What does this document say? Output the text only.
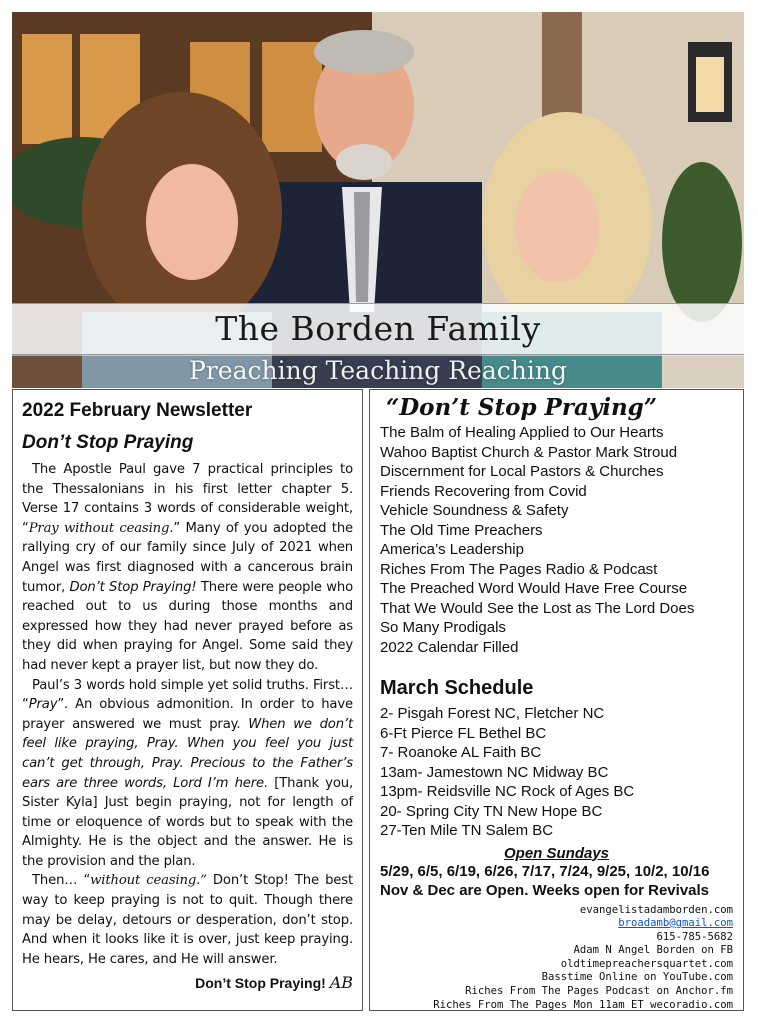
The Borden Family
Preaching Teaching Reaching
2022 February Newsletter
Don’t Stop Praying

The Apostle Paul gave 7 practical principles to the Thessalonians in his first letter chapter 5. Verse 17 contains 3 words of considerable weight, “Pray without ceasing.” Many of you adopted the rallying cry of our family since July of 2021 when Angel was first diagnosed with a cancerous brain tumor, Don’t Stop Praying! There were people who reached out to us during those months and expressed how they had never prayed before as they did when praying for Angel. Some said they had never kept a prayer list, but now they do.

Paul’s 3 words hold simple yet solid truths. First… “Pray”. An obvious admonition. In order to have prayer answered we must pray. When we don’t feel like praying, Pray. When you feel you just can’t get through, Pray. Precious to the Father’s ears are three words, Lord I’m here. [Thank you, Sister Kyla] Just begin praying, not for length of time or eloquence of words but to speak with the Almighty. He is the object and the answer. He is the provision and the plan.

Then… “without ceasing.” Don’t Stop! The best way to keep praying is not to quit. Though there may be delay, detours or desperation, don’t stop. And when it looks like it is over, just keep praying. He hears, He cares, and He will answer.

Don’t Stop Praying! AB
“Don’t Stop Praying”
The Balm of Healing Applied to Our Hearts
Wahoo Baptist Church & Pastor Mark Stroud
Discernment for Local Pastors & Churches
Friends Recovering from Covid
Vehicle Soundness & Safety
The Old Time Preachers
America’s Leadership
Riches From The Pages Radio & Podcast
The Preached Word Would Have Free Course
That We Would See the Lost as The Lord Does
So Many Prodigals
2022 Calendar Filled
March Schedule
2- Pisgah Forest NC, Fletcher NC
6-Ft Pierce FL Bethel BC
7- Roanoke AL Faith BC
13am- Jamestown NC Midway BC
13pm- Reidsville NC Rock of Ages BC
20- Spring City TN New Hope BC
27-Ten Mile TN Salem BC
Open Sundays
5/29, 6/5, 6/19, 6/26, 7/17, 7/24, 9/25, 10/2, 10/16
Nov & Dec are Open. Weeks open for Revivals
evangelistadamborden.com
broadamb@gmail.com
615-785-5682
Adam N Angel Borden on FB
oldtimepreachersquartet.com
Basstime Online on YouTube.com
Riches From The Pages Podcast on Anchor.fm
Riches From The Pages Mon 11am ET wecoradio.com
